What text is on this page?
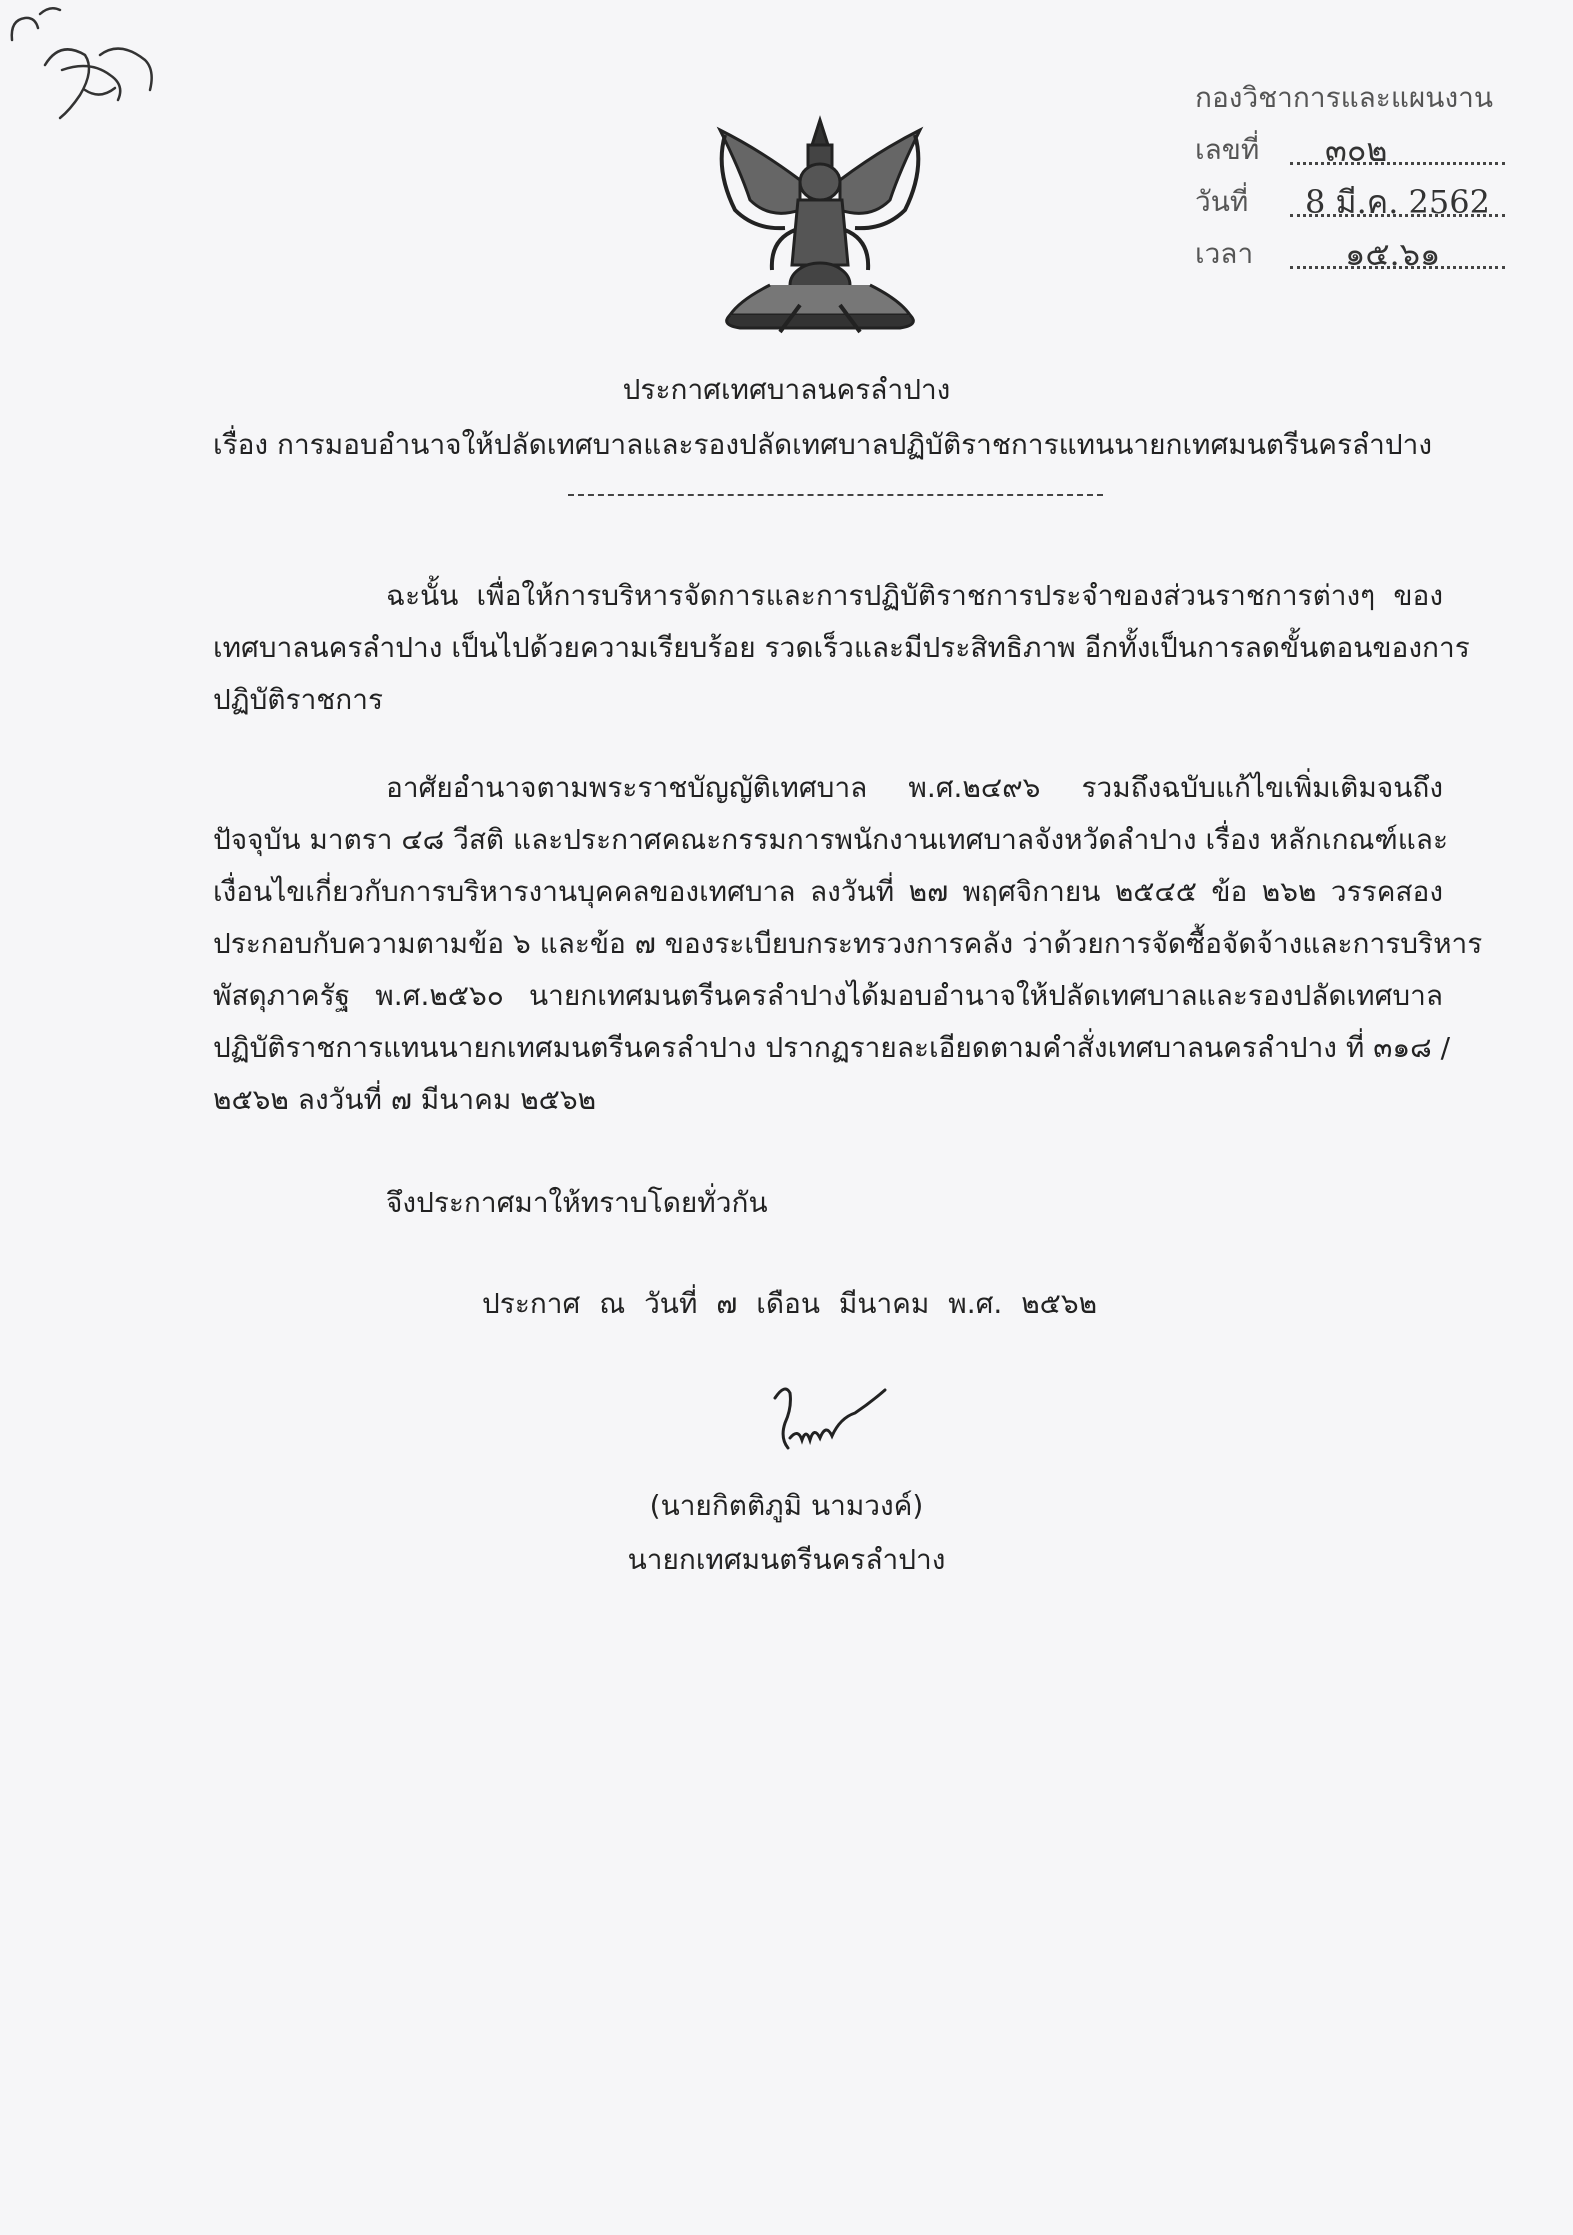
กองวิชาการและแผนงาน
เลขที่ ๓๐๒
วันที่ 8 มี.ค. 2562
เวลา	๑๕.๖๑
ประกาศเทศบาลนครลำปาง
เรื่อง การมอบอำนาจให้ปลัดเทศบาลและรองปลัดเทศบาลปฏิบัติราชการแทนนายกเทศมนตรีนครลำปาง
ฉะนั้น เพื่อให้การบริหารจัดการและการปฏิบัติราชการประจำของส่วนราชการต่างๆ ของ
เทศบาลนครลำปาง เป็นไปด้วยความเรียบร้อย รวดเร็วและมีประสิทธิภาพ อีกทั้งเป็นการลดขั้นตอนของการ
ปฏิบัติราชการ
อาศัยอำนาจตามพระราชบัญญัติเทศบาล พ.ศ.๒๔๙๖ รวมถึงฉบับแก้ไขเพิ่มเติมจนถึง
ปัจจุบัน มาตรา ๔๘ วีสติ และประกาศคณะกรรมการพนักงานเทศบาลจังหวัดลำปาง เรื่อง หลักเกณฑ์และ
เงื่อนไขเกี่ยวกับการบริหารงานบุคคลของเทศบาล ลงวันที่ ๒๗ พฤศจิกายน ๒๕๔๕ ข้อ ๒๖๒ วรรคสอง
ประกอบกับความตามข้อ ๖ และข้อ ๗ ของระเบียบกระทรวงการคลัง ว่าด้วยการจัดซื้อจัดจ้างและการบริหาร
พัสดุภาครัฐ พ.ศ.๒๕๖๐ นายกเทศมนตรีนครลำปางได้มอบอำนาจให้ปลัดเทศบาลและรองปลัดเทศบาล
ปฏิบัติราชการแทนนายกเทศมนตรีนครลำปาง ปรากฏรายละเอียดตามคำสั่งเทศบาลนครลำปาง ที่ ๓๑๘ /
๒๕๖๒ ลงวันที่ ๗ มีนาคม ๒๕๖๒
จึงประกาศมาให้ทราบโดยทั่วกัน
ประกาศ ณ วันที่ ๗ เดือน มีนาคม พ.ศ. ๒๕๖๒
(นายกิตติภูมิ นามวงค์)
นายกเทศมนตรีนครลำปาง
